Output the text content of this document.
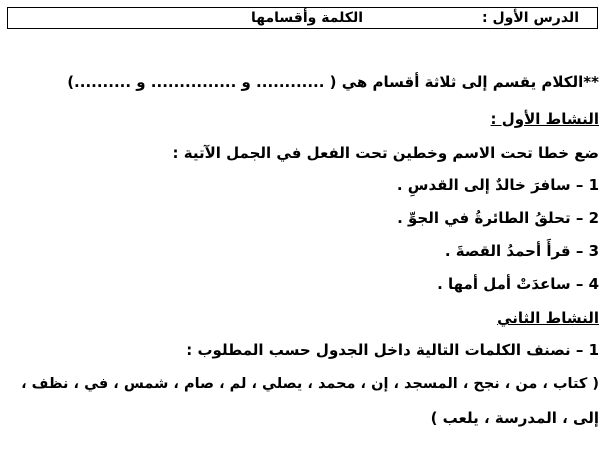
الدرس الأول :
الكلمة وأقسامها
**الكلام يقسم إلى ثلاثة أقسام هي ( ............ و ............... و ..........)
النشاط الأول :
ضع خطا تحت الاسم وخطين تحت الفعل في الجمل الآتية :
1 – سافرَ خالدٌ إلى القدسِ .
2 – تحلقُ الطائرةُ في الجوِّ .
3 – قرأَ أحمدُ القصةَ .
4 – ساعدَتْ أمل أمها .
النشاط الثاني
1 – نصنف الكلمات التالية داخل الجدول حسب المطلوب :
( كتاب ، من ، نجح ، المسجد ، إن ، محمد ، يصلي ، لم ، صام ، شمس ، في ، نظف ،
إلى ، المدرسة ، يلعب )
